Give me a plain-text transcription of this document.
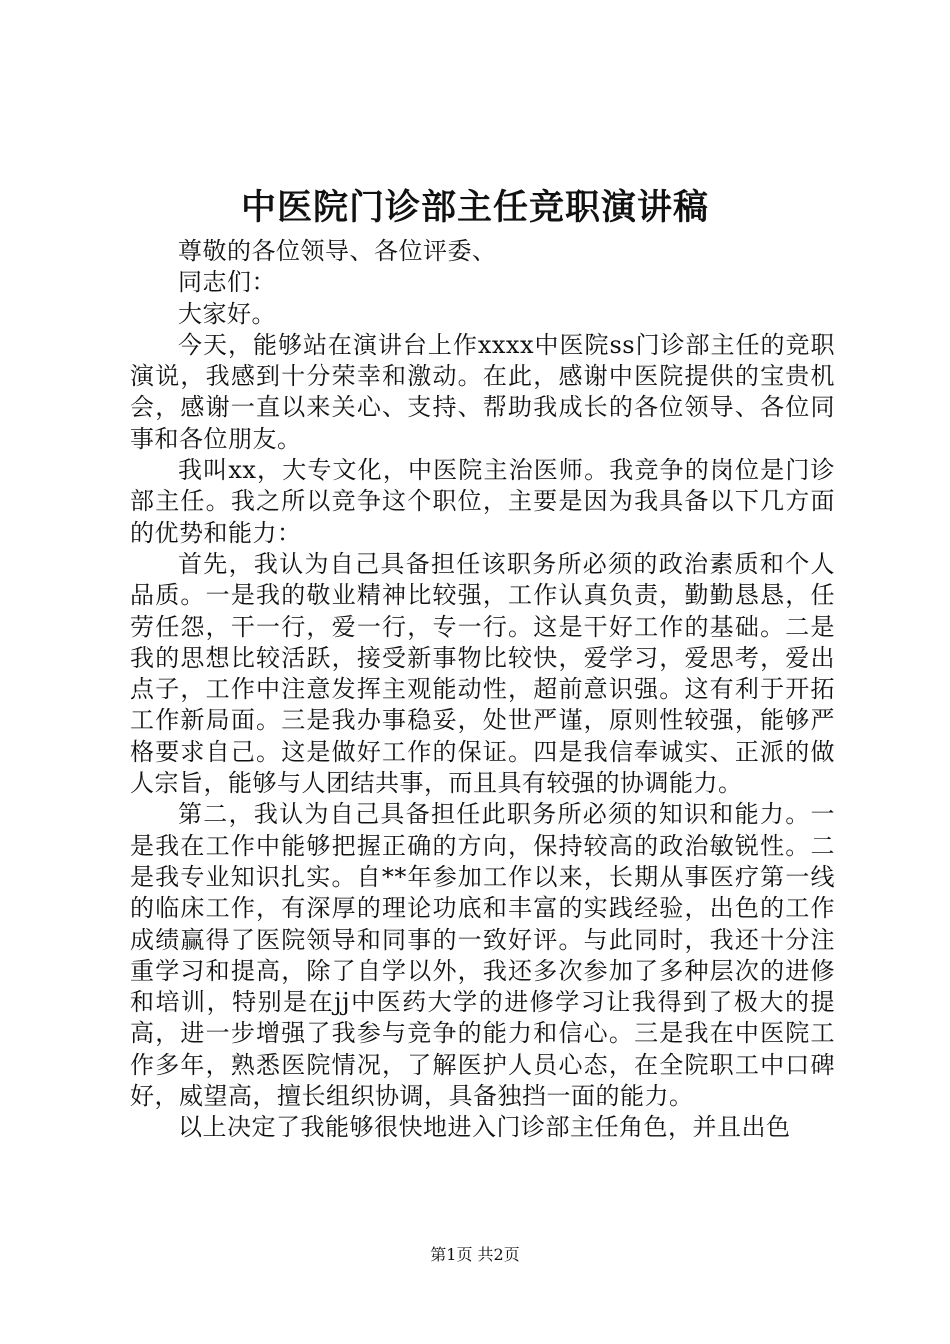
中医院门诊部主任竞职演讲稿

尊敬的各位领导、各位评委、

同志们：

大家好。

今天，能够站在演讲台上作xxxx中医院ss门诊部主任的竞职演说，我感到十分荣幸和激动。在此，感谢中医院提供的宝贵机会，感谢一直以来关心、支持、帮助我成长的各位领导、各位同事和各位朋友。

我叫xx，大专文化，中医院主治医师。我竞争的岗位是门诊部主任。我之所以竞争这个职位，主要是因为我具备以下几方面的优势和能力：

首先，我认为自己具备担任该职务所必须的政治素质和个人品质。一是我的敬业精神比较强，工作认真负责，勤勤恳恳，任劳任怨，干一行，爱一行，专一行。这是干好工作的基础。二是我的思想比较活跃，接受新事物比较快，爱学习，爱思考，爱出点子，工作中注意发挥主观能动性，超前意识强。这有利于开拓工作新局面。三是我办事稳妥，处世严谨，原则性较强，能够严格要求自己。这是做好工作的保证。四是我信奉诚实、正派的做人宗旨，能够与人团结共事，而且具有较强的协调能力。

第二，我认为自己具备担任此职务所必须的知识和能力。一是我在工作中能够把握正确的方向，保持较高的政治敏锐性。二是我专业知识扎实。自**年参加工作以来，长期从事医疗第一线的临床工作，有深厚的理论功底和丰富的实践经验，出色的工作成绩赢得了医院领导和同事的一致好评。与此同时，我还十分注重学习和提高，除了自学以外，我还多次参加了多种层次的进修和培训，特别是在jj中医药大学的进修学习让我得到了极大的提高，进一步增强了我参与竞争的能力和信心。三是我在中医院工作多年，熟悉医院情况，了解医护人员心态，在全院职工中口碑好，威望高，擅长组织协调，具备独挡一面的能力。

以上决定了我能够很快地进入门诊部主任角色，并且出色

第1页 共2页
